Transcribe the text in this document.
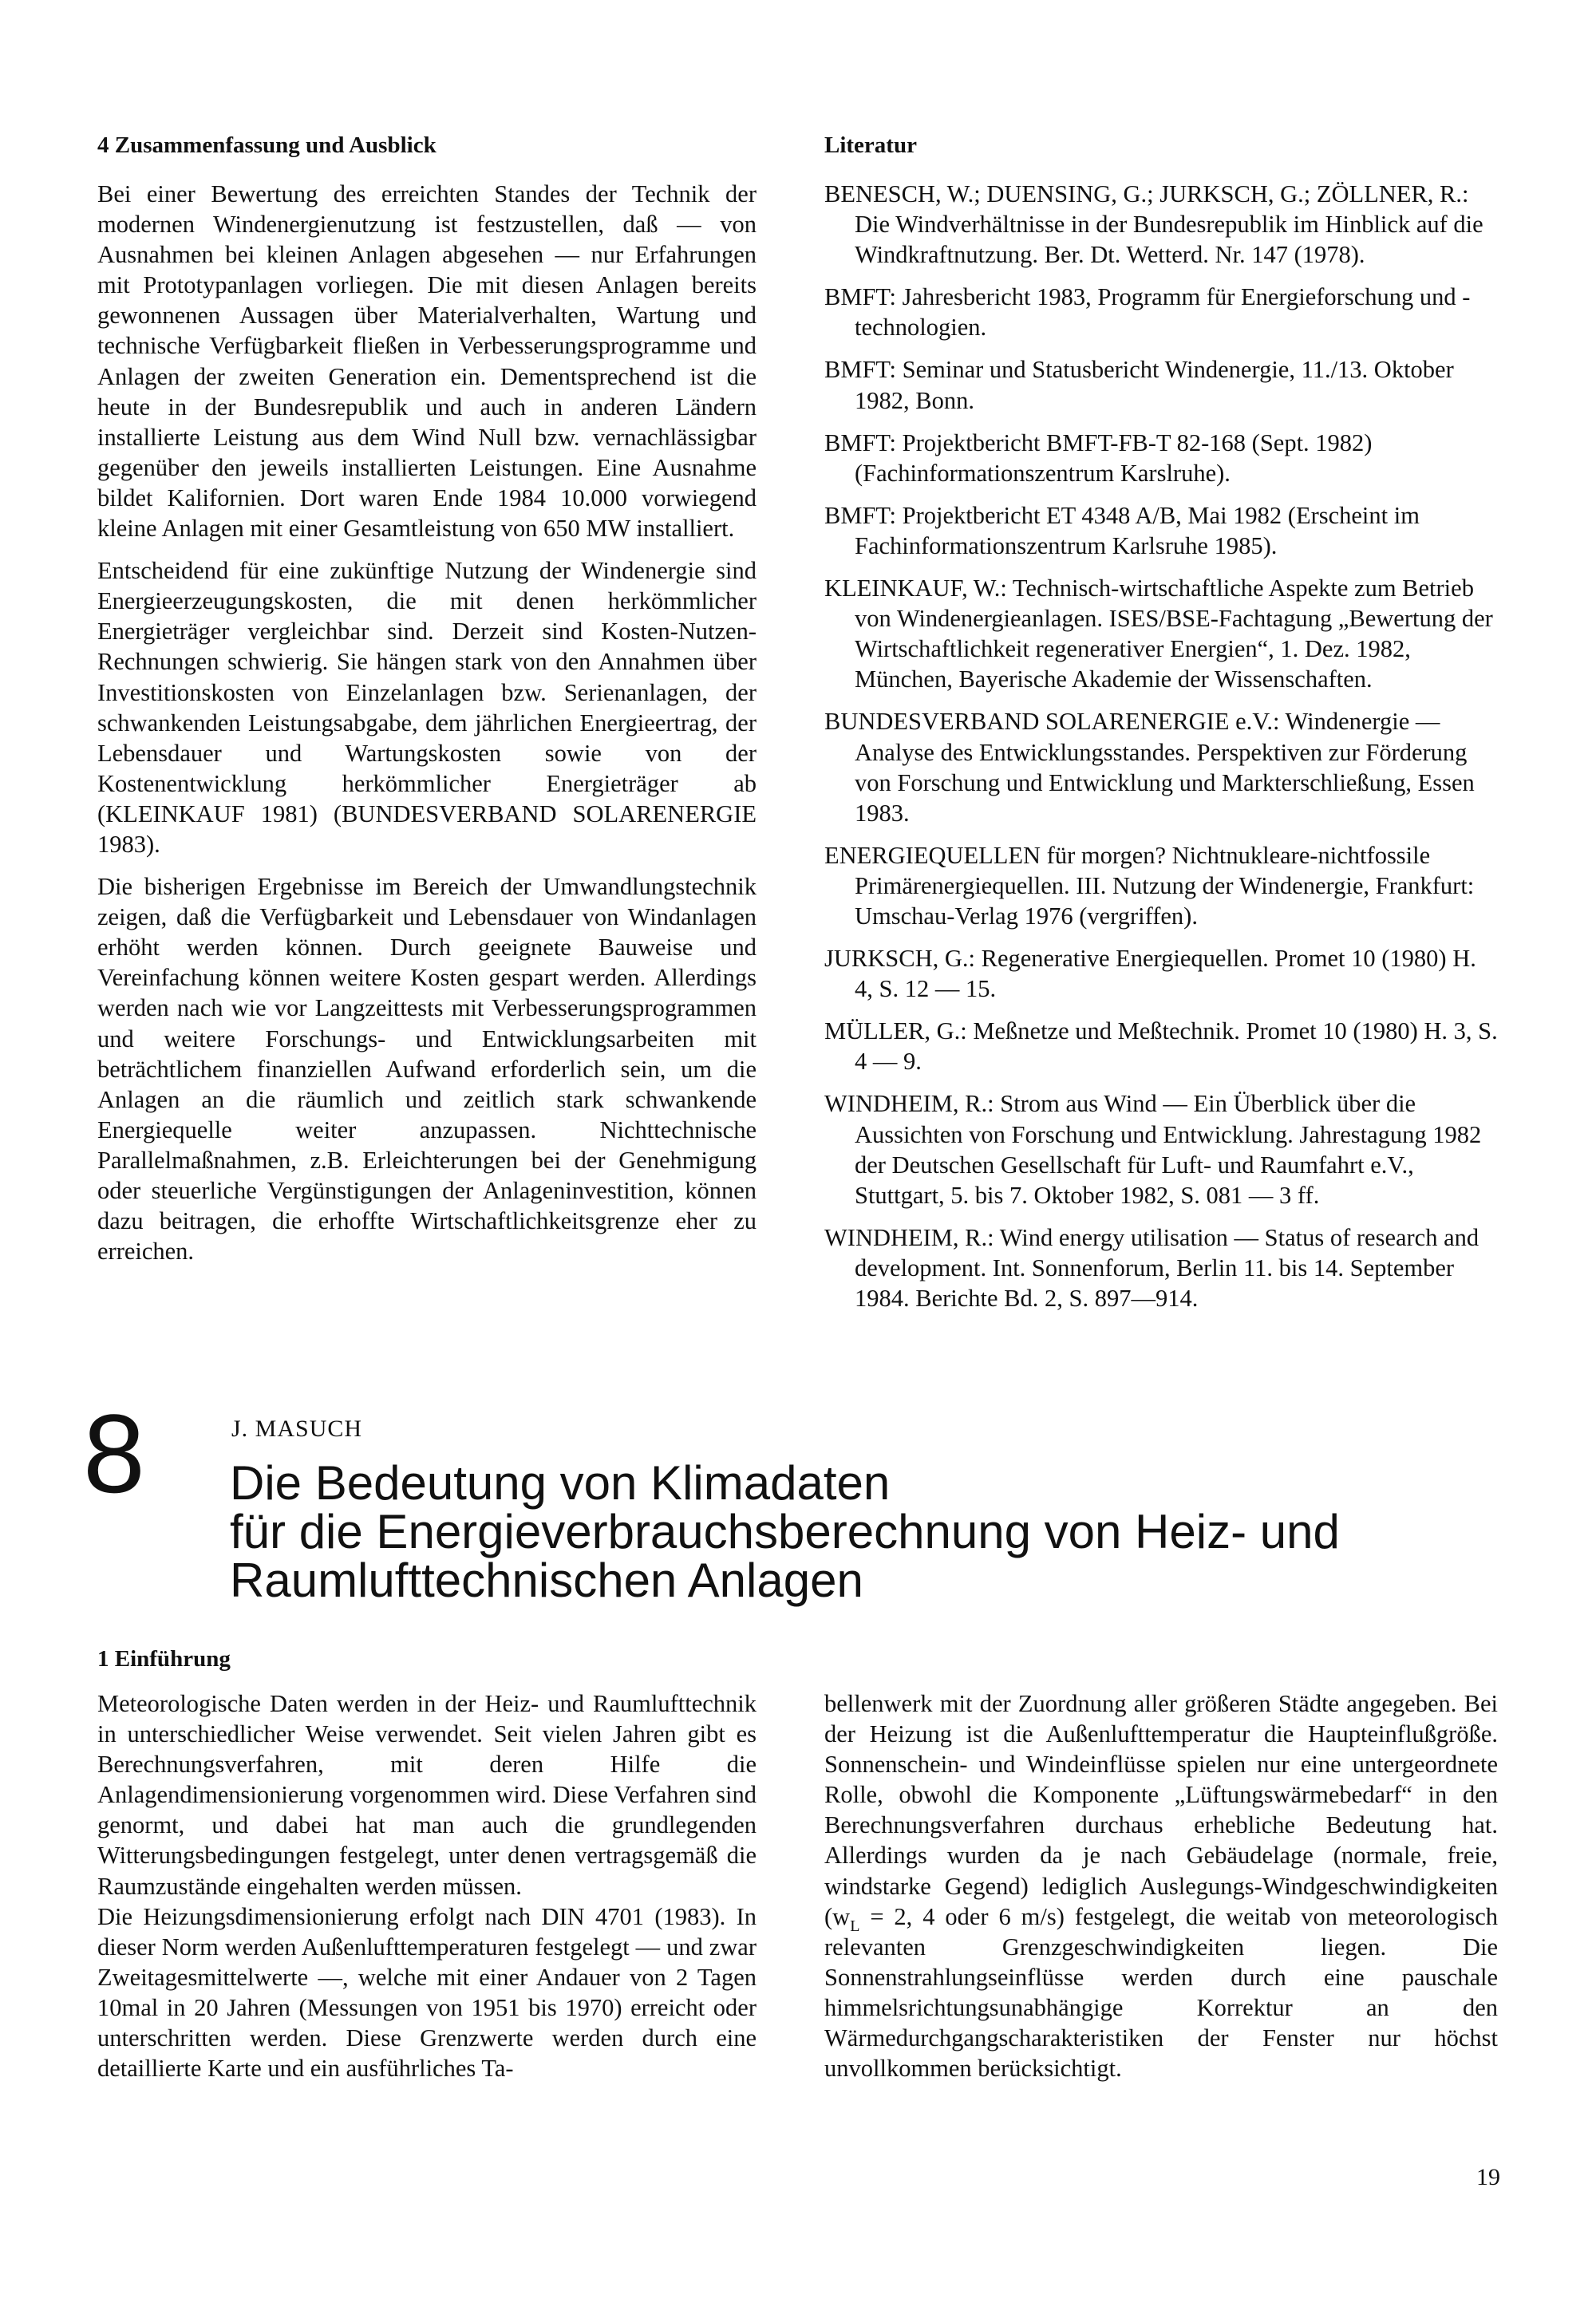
4 Zusammenfassung und Ausblick

Bei einer Bewertung des erreichten Standes der Technik der modernen Windenergienutzung ist festzustellen, daß — von Ausnahmen bei kleinen Anlagen abgesehen — nur Erfahrungen mit Prototypanlagen vorliegen. Die mit diesen Anlagen bereits gewonnenen Aussagen über Materialverhalten, Wartung und technische Verfügbarkeit fließen in Verbesserungsprogramme und Anlagen der zweiten Generation ein. Dementsprechend ist die heute in der Bundesrepublik und auch in anderen Ländern installierte Leistung aus dem Wind Null bzw. vernachlässigbar gegenüber den jeweils installierten Leistungen. Eine Ausnahme bildet Kalifornien. Dort waren Ende 1984 10.000 vorwiegend kleine Anlagen mit einer Gesamtleistung von 650 MW installiert.

Entscheidend für eine zukünftige Nutzung der Windenergie sind Energieerzeugungskosten, die mit denen herkömmlicher Energieträger vergleichbar sind. Derzeit sind Kosten-Nutzen-Rechnungen schwierig. Sie hängen stark von den Annahmen über Investitionskosten von Einzelanlagen bzw. Serienanlagen, der schwankenden Leistungsabgabe, dem jährlichen Energieertrag, der Lebensdauer und Wartungskosten sowie von der Kostenentwicklung herkömmlicher Energieträger ab (KLEINKAUF 1981) (BUNDESVERBAND SOLARENERGIE 1983).

Die bisherigen Ergebnisse im Bereich der Umwandlungstechnik zeigen, daß die Verfügbarkeit und Lebensdauer von Windanlagen erhöht werden können. Durch geeignete Bauweise und Vereinfachung können weitere Kosten gespart werden. Allerdings werden nach wie vor Langzeittests mit Verbesserungsprogrammen und weitere Forschungs- und Entwicklungsarbeiten mit beträchtlichem finanziellen Aufwand erforderlich sein, um die Anlagen an die räumlich und zeitlich stark schwankende Energiequelle weiter anzupassen. Nichttechnische Parallelmaßnahmen, z.B. Erleichterungen bei der Genehmigung oder steuerliche Vergünstigungen der Anlageninvestition, können dazu beitragen, die erhoffte Wirtschaftlichkeitsgrenze eher zu erreichen.

Literatur

BENESCH, W.; DUENSING, G.; JURKSCH, G.; ZÖLLNER, R.: Die Windverhältnisse in der Bundesrepublik im Hinblick auf die Windkraftnutzung. Ber. Dt. Wetterd. Nr. 147 (1978).

BMFT: Jahresbericht 1983, Programm für Energieforschung und -technologien.

BMFT: Seminar und Statusbericht Windenergie, 11./13. Oktober 1982, Bonn.

BMFT: Projektbericht BMFT-FB-T 82-168 (Sept. 1982) (Fachinformationszentrum Karslruhe).

BMFT: Projektbericht ET 4348 A/B, Mai 1982 (Erscheint im Fachinformationszentrum Karlsruhe 1985).

KLEINKAUF, W.: Technisch-wirtschaftliche Aspekte zum Betrieb von Windenergieanlagen. ISES/BSE-Fachtagung „Bewertung der Wirtschaftlichkeit regenerativer Energien“, 1. Dez. 1982, München, Bayerische Akademie der Wissenschaften.

BUNDESVERBAND SOLARENERGIE e.V.: Windenergie — Analyse des Entwicklungsstandes. Perspektiven zur Förderung von Forschung und Entwicklung und Markterschließung, Essen 1983.

ENERGIEQUELLEN für morgen? Nichtnukleare-nichtfossile Primärenergiequellen. III. Nutzung der Windenergie, Frankfurt: Umschau-Verlag 1976 (vergriffen).

JURKSCH, G.: Regenerative Energiequellen. Promet 10 (1980) H. 4, S. 12 — 15.

MÜLLER, G.: Meßnetze und Meßtechnik. Promet 10 (1980) H. 3, S. 4 — 9.

WINDHEIM, R.: Strom aus Wind — Ein Überblick über die Aussichten von Forschung und Entwicklung. Jahrestagung 1982 der Deutschen Gesellschaft für Luft- und Raumfahrt e.V., Stuttgart, 5. bis 7. Oktober 1982, S. 081 — 3 ff.

WINDHEIM, R.: Wind energy utilisation — Status of research and development. Int. Sonnenforum, Berlin 11. bis 14. September 1984. Berichte Bd. 2, S. 897—914.

8	J. MASUCH
Die Bedeutung von Klimadaten
für die Energieverbrauchsberechnung von Heiz- und
Raumlufttechnischen Anlagen
1 Einführung

Meteorologische Daten werden in der Heiz- und Raumlufttechnik in unterschiedlicher Weise verwendet. Seit vielen Jahren gibt es Berechnungsverfahren, mit deren Hilfe die Anlagendimensionierung vorgenommen wird. Diese Verfahren sind genormt, und dabei hat man auch die grundlegenden Witterungsbedingungen festgelegt, unter denen vertragsgemäß die Raumzustände eingehalten werden müssen.

Die Heizungsdimensionierung erfolgt nach DIN 4701 (1983). In dieser Norm werden Außenlufttemperaturen festgelegt — und zwar Zweitagesmittelwerte —, welche mit einer Andauer von 2 Tagen 10mal in 20 Jahren (Messungen von 1951 bis 1970) erreicht oder unterschritten werden. Diese Grenzwerte werden durch eine detaillierte Karte und ein ausführliches Ta-

bellenwerk mit der Zuordnung aller größeren Städte angegeben. Bei der Heizung ist die Außenlufttemperatur die Haupteinflußgröße. Sonnenschein- und Windeinflüsse spielen nur eine untergeordnete Rolle, obwohl die Komponente „Lüftungswärmebedarf“ in den Berechnungsverfahren durchaus erhebliche Bedeutung hat. Allerdings wurden da je nach Gebäudelage (normale, freie, windstarke Gegend) lediglich Auslegungs-Windgeschwindigkeiten ($w_L = 2$, 4 oder 6 m/s) festgelegt, die weitab von meteorologisch relevanten Grenzgeschwindigkeiten liegen. Die Sonnenstrahlungseinflüsse werden durch eine pauschale himmelsrichtungsunabhängige Korrektur an den Wärmedurchgangscharakteristiken der Fenster nur höchst unvollkommen berücksichtigt.

19
